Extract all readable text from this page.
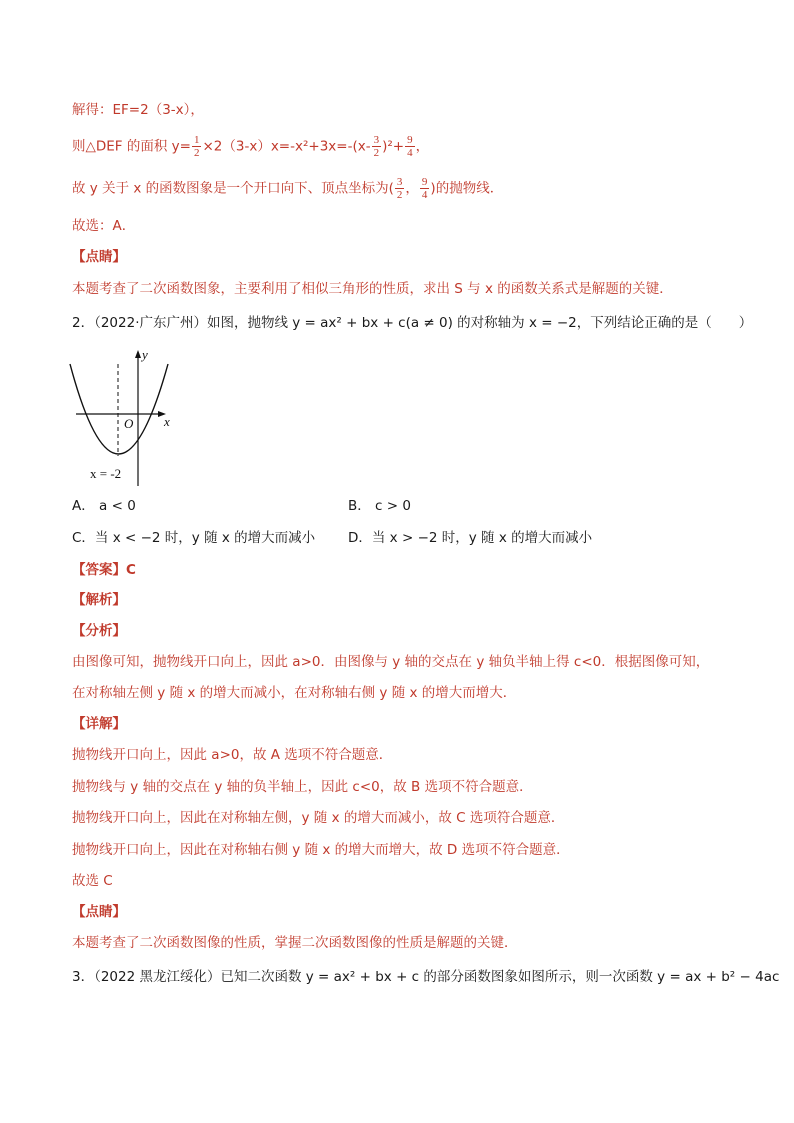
解得：EF=2（3-x），
则△DEF 的面积 $y= \frac{1}{2} \times 2(3-x)x=-x^2+3x=-(x- \frac{3}{2} )^2+ \frac{9}{4}$ ，
故 y 关于 x 的函数图象是一个开口向下、顶点坐标为( $\frac{3}{2}$ ， $\frac{9}{4}$ )的抛物线．
故选：A．
【点睛】
本题考查了二次函数图象，主要利用了相似三角形的性质，求出 S 与 x 的函数关系式是解题的关键．
2．（2022·广东广州）如图，抛物线 y = ax² + bx + c(a ≠ 0) 的对称轴为 x = −2，下列结论正确的是（　　）
y
x
O
x = -2
A． a < 0	B． c > 0
C．当 x < −2 时，y 随 x 的增大而减小 D．当 x > −2 时，y 随 x 的增大而减小
【答案】C
【解析】
【分析】
由图像可知，抛物线开口向上，因此 a>0．由图像与 y 轴的交点在 y 轴负半轴上得 c<0．根据图像可知，
在对称轴左侧 y 随 x 的增大而减小，在对称轴右侧 y 随 x 的增大而增大．
【详解】
抛物线开口向上，因此 a>0，故 A 选项不符合题意．
抛物线与 y 轴的交点在 y 轴的负半轴上，因此 c<0，故 B 选项不符合题意．
抛物线开口向上，因此在对称轴左侧，y 随 x 的增大而减小，故 C 选项符合题意．
抛物线开口向上，因此在对称轴右侧 y 随 x 的增大而增大，故 D 选项不符合题意．
故选 C
【点睛】
本题考查了二次函数图像的性质，掌握二次函数图像的性质是解题的关键．
3．（2022 黑龙江绥化）已知二次函数 y = ax² + bx + c 的部分函数图象如图所示，则一次函数 y = ax + b² − 4ac
